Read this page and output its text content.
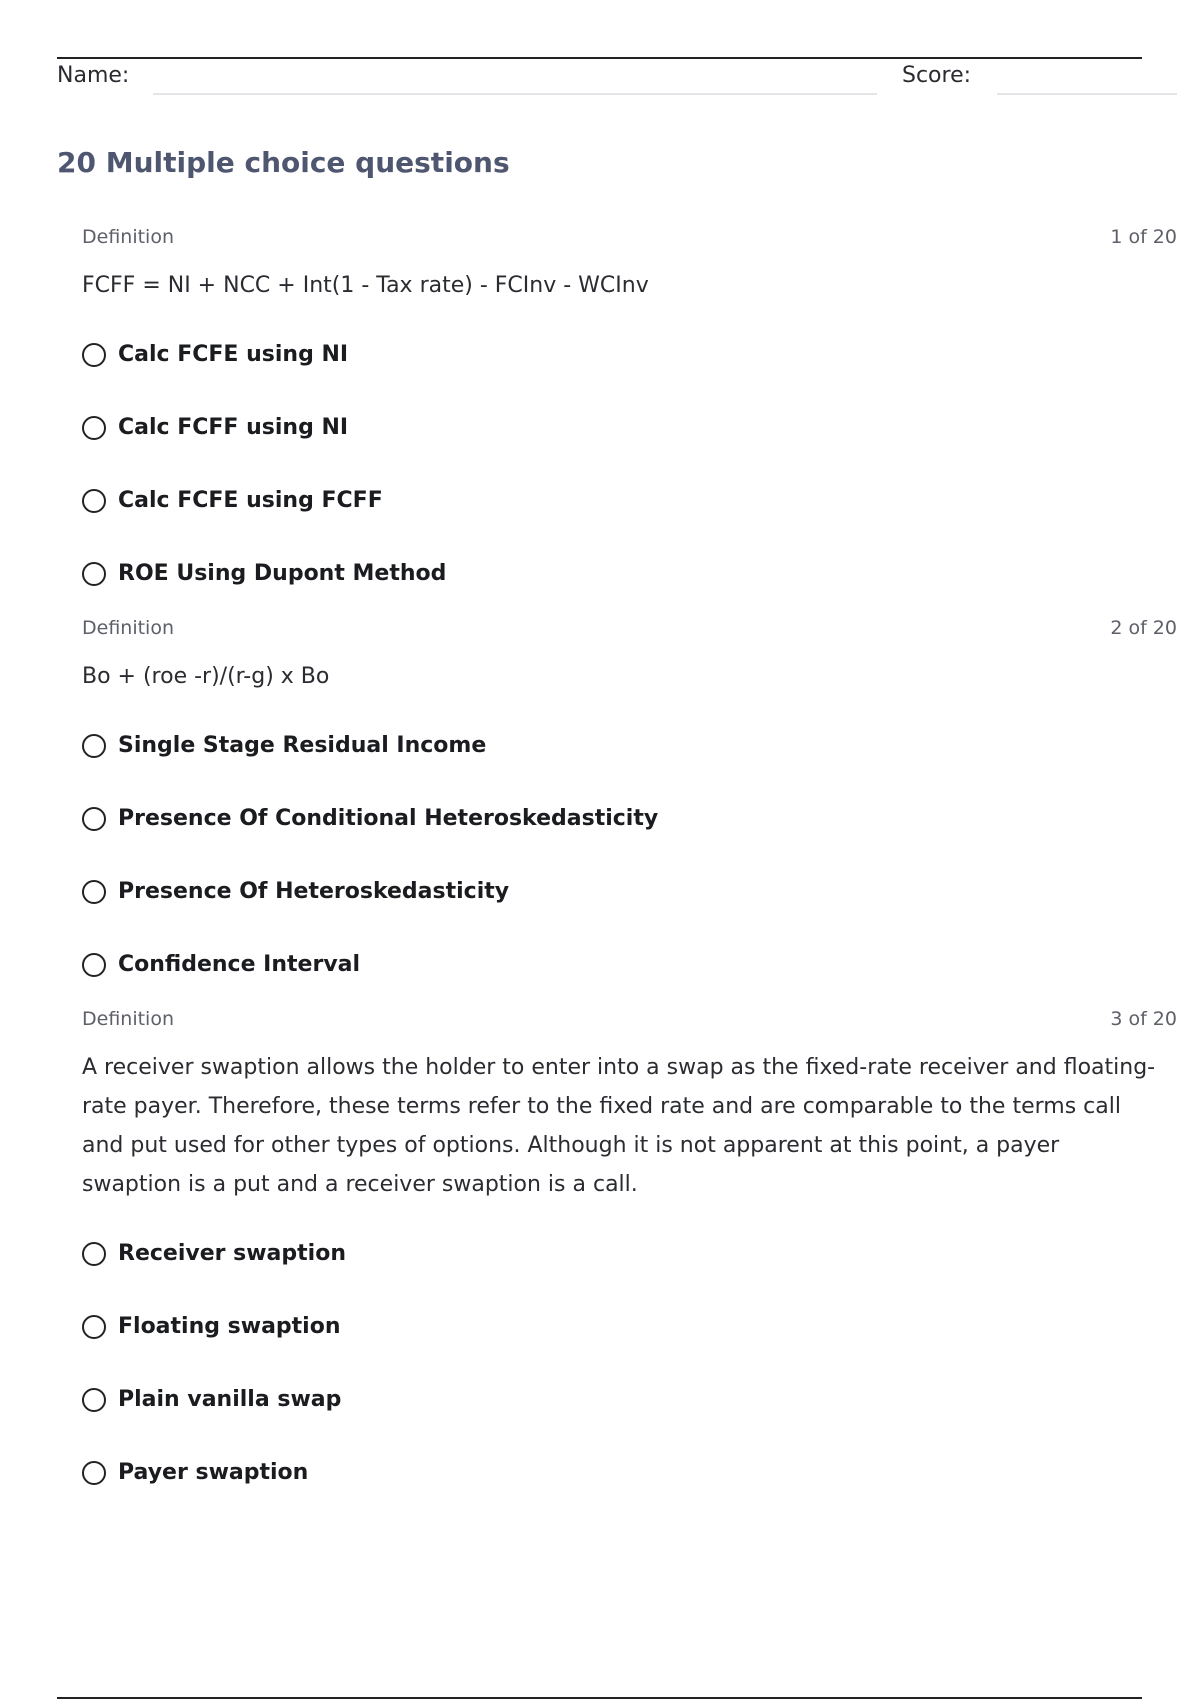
Name:	Score:
20 Multiple choice questions
Definition	1 of 20

FCFF = NI + NCC + Int(1 - Tax rate) - FCInv - WCInv

Calc FCFE using NI
Calc FCFF using NI
Calc FCFE using FCFF
ROE Using Dupont Method
Definition	2 of 20

Bo + (roe -r)/(r-g) x Bo

Single Stage Residual Income
Presence Of Conditional Heteroskedasticity
Presence Of Heteroskedasticity
Confidence Interval
Definition	3 of 20

A receiver swaption allows the holder to enter into a swap as the fixed-rate receiver and floating-rate payer. Therefore, these terms refer to the fixed rate and are comparable to the terms call and put used for other types of options. Although it is not apparent at this point, a payer swaption is a put and a receiver swaption is a call.

Receiver swaption
Floating swaption
Plain vanilla swap
Payer swaption
